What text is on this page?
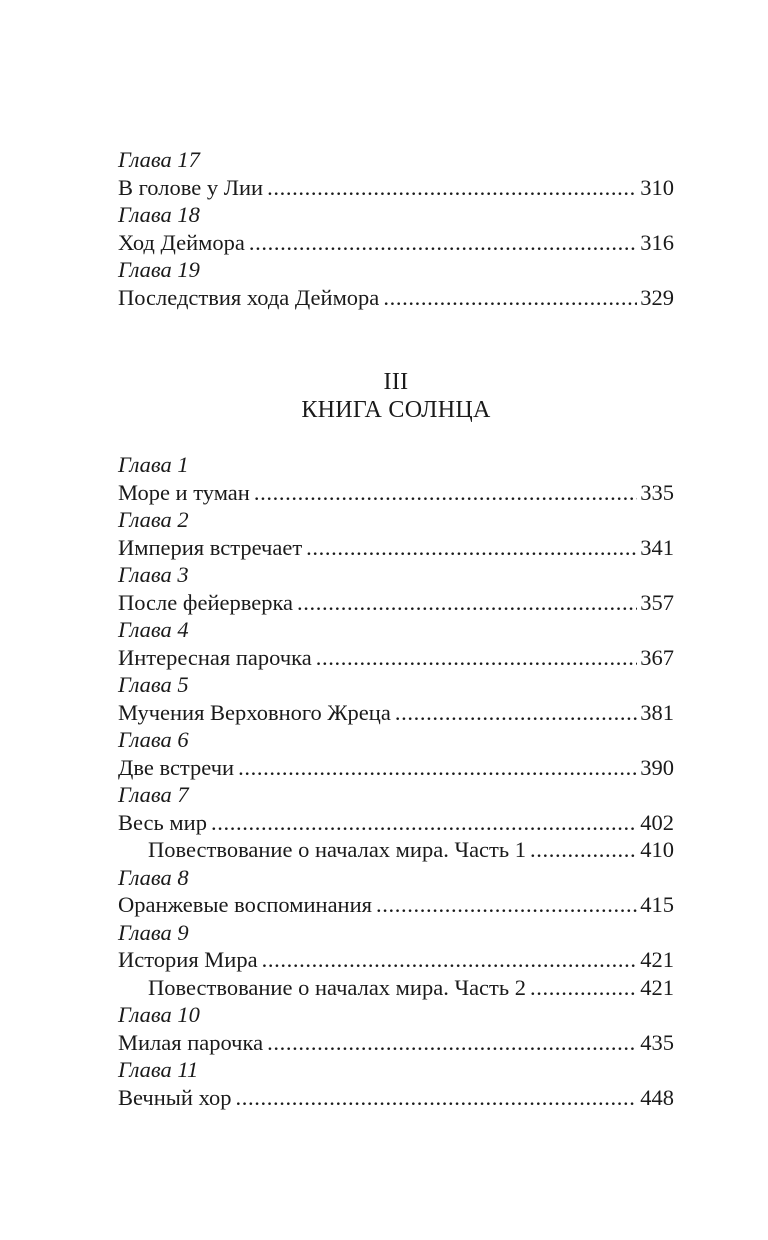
Глава 17
В голове у Лии . . .	310
Глава 18
Ход Деймора . . .	316
Глава 19
Последствия хода Деймора . . .	329
III
КНИГА СОЛНЦА
Глава 1
Море и туман . . .	335
Глава 2
Империя встречает . . .	341
Глава 3
После фейерверка . . .	357
Глава 4
Интересная парочка . . .	367
Глава 5
Мучения Верховного Жреца . . .	381
Глава 6
Две встречи . . .	390
Глава 7
Весь мир . . .	402
Повествование о началах мира. Часть 1 . . .	410
Глава 8
Оранжевые воспоминания . . .	415
Глава 9
История Мира . . .	421
Повествование о началах мира. Часть 2 . . .	421
Глава 10
Милая парочка . . .	435
Глава 11
Вечный хор . . .	448
